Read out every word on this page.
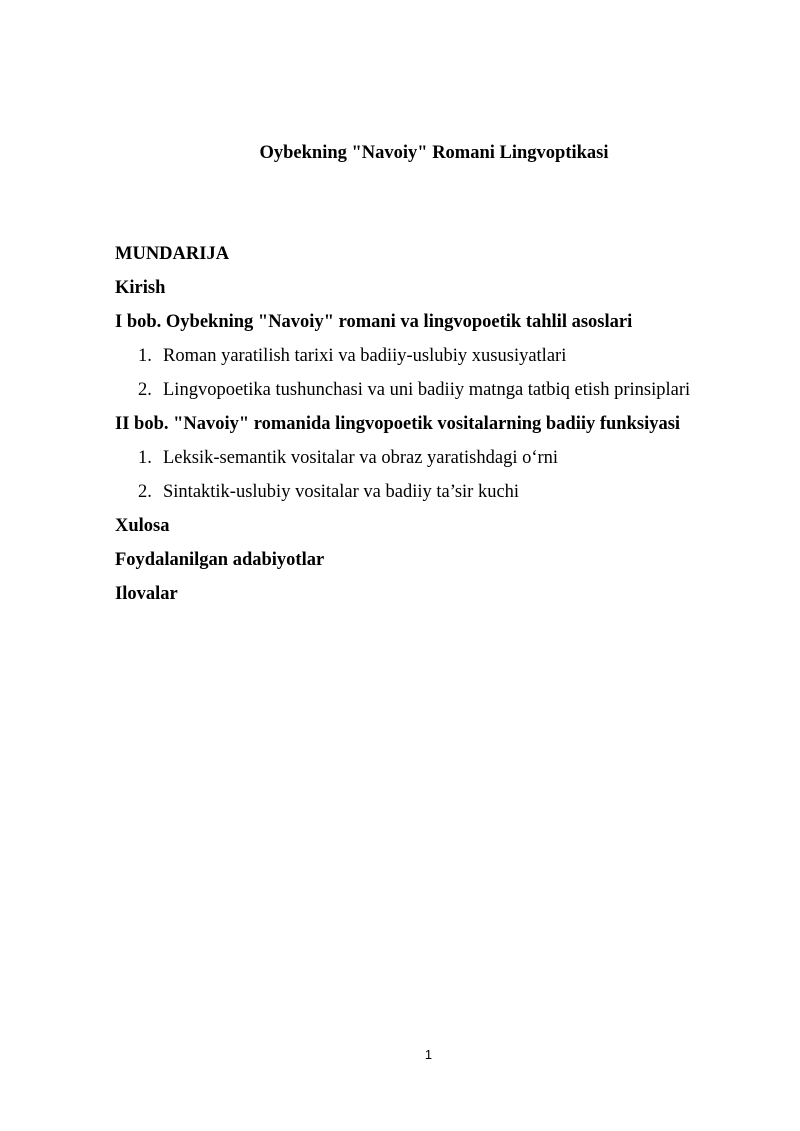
Oybekning "Navoiy" Romani Lingvoptikasi
MUNDARIJA
Kirish
I bob. Oybekning "Navoiy" romani va lingvopoetik tahlil asoslari
1. Roman yaratilish tarixi va badiiy-uslubiy xususiyatlari
2. Lingvopoetika tushunchasi va uni badiiy matnga tatbiq etish prinsiplari
II bob. "Navoiy" romanida lingvopoetik vositalarning badiiy funksiyasi
1. Leksik-semantik vositalar va obraz yaratishdagi o‘rni
2. Sintaktik-uslubiy vositalar va badiiy ta’sir kuchi
Xulosa
Foydalanilgan adabiyotlar
Ilovalar
1
